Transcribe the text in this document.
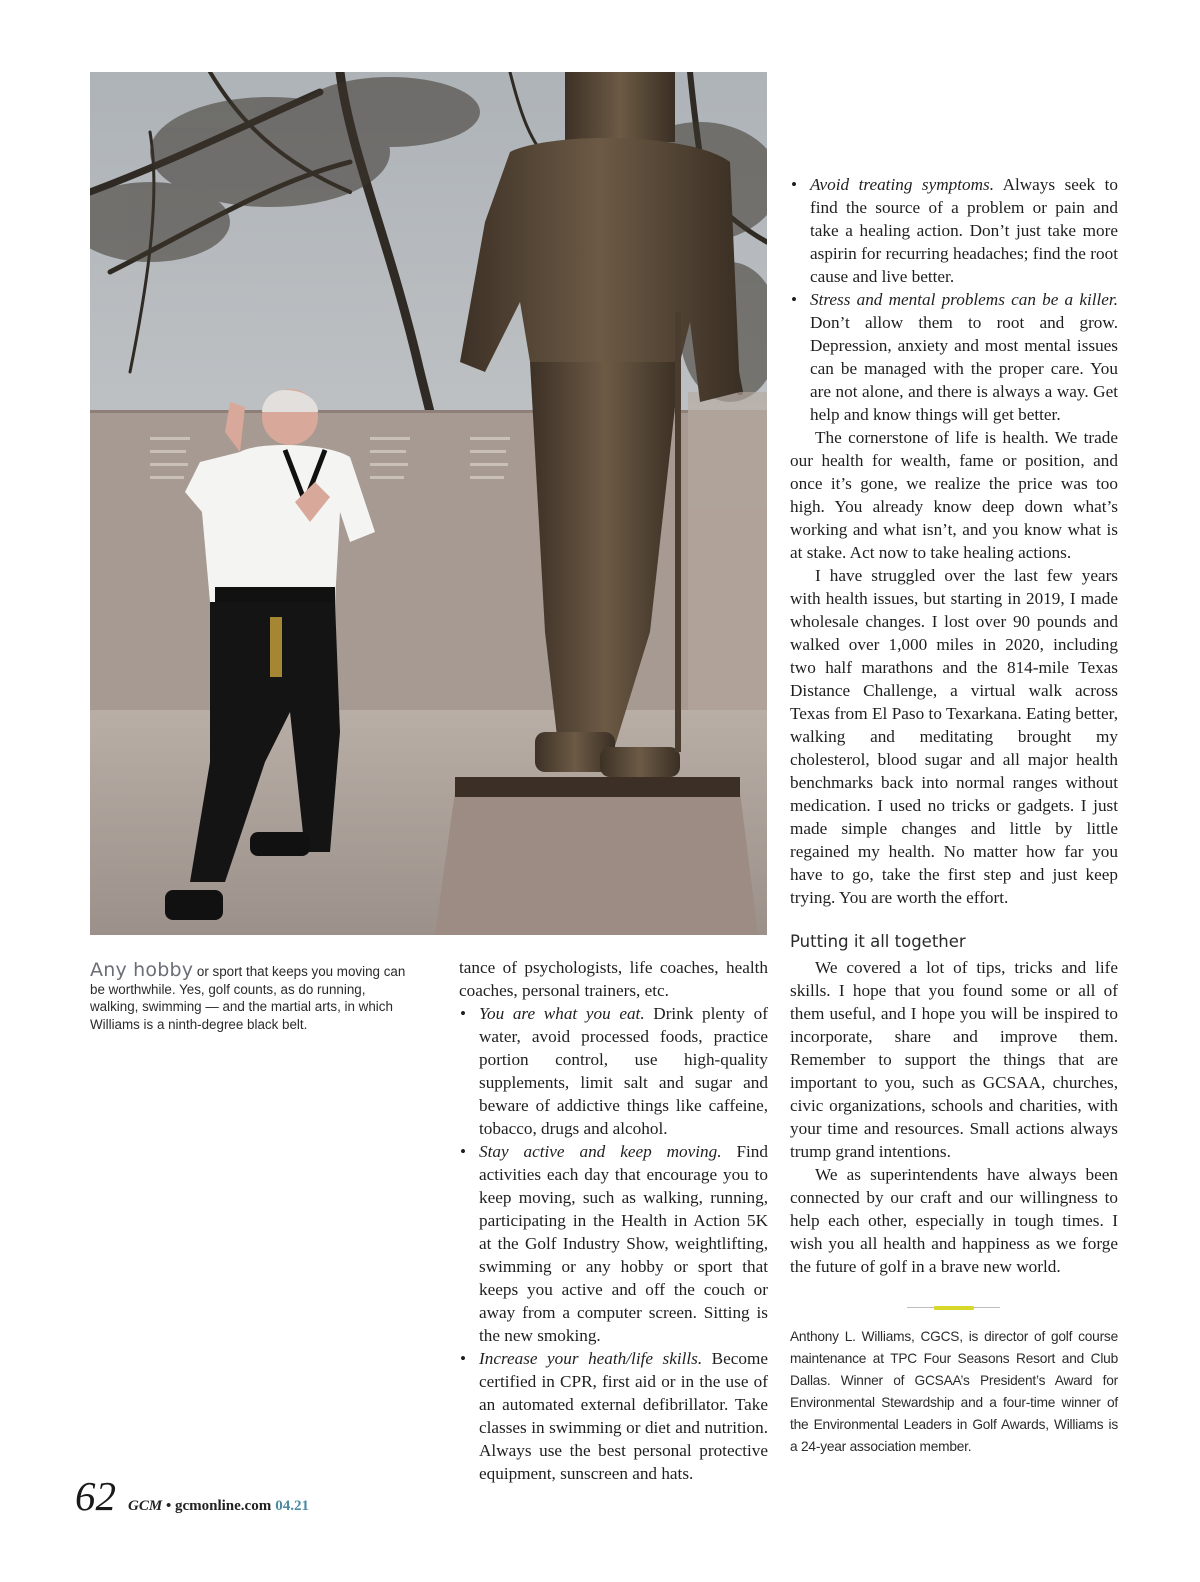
Any hobby or sport that keeps you moving can be worthwhile. Yes, golf counts, as do running, walking, swimming — and the martial arts, in which Williams is a ninth-degree black belt.

tance of psychologists, life coaches, health coaches, personal trainers, etc.

• You are what you eat. Drink plenty of water, avoid processed foods, practice portion control, use high-quality supplements, limit salt and sugar and beware of addictive things like caffeine, tobacco, drugs and alcohol.
• Stay active and keep moving. Find activities each day that encourage you to keep moving, such as walking, running, participating in the Health in Action 5K at the Golf Industry Show, weightlifting, swimming or any hobby or sport that keeps you active and off the couch or away from a computer screen. Sitting is the new smoking.
• Increase your heath/life skills. Become certified in CPR, first aid or in the use of an automated external defibrillator. Take classes in swimming or diet and nutrition. Always use the best personal protective equipment, sunscreen and hats.
• Avoid treating symptoms. Always seek to find the source of a problem or pain and take a healing action. Don’t just take more aspirin for recurring headaches; find the root cause and live better.
• Stress and mental problems can be a killer. Don’t allow them to root and grow. Depression, anxiety and most mental issues can be managed with the proper care. You are not alone, and there is always a way. Get help and know things will get better.

The cornerstone of life is health. We trade our health for wealth, fame or position, and once it’s gone, we realize the price was too high. You already know deep down what’s working and what isn’t, and you know what is at stake. Act now to take healing actions.

I have struggled over the last few years with health issues, but starting in 2019, I made wholesale changes. I lost over 90 pounds and walked over 1,000 miles in 2020, including two half marathons and the 814-mile Texas Distance Challenge, a virtual walk across Texas from El Paso to Texarkana. Eating better, walking and meditating brought my cholesterol, blood sugar and all major health benchmarks back into normal ranges without medication. I used no tricks or gadgets. I just made simple changes and little by little regained my health. No matter how far you have to go, take the first step and just keep trying. You are worth the effort.

Putting it all together

We covered a lot of tips, tricks and life skills. I hope that you found some or all of them useful, and I hope you will be inspired to incorporate, share and improve them. Remember to support the things that are important to you, such as GCSAA, churches, civic organizations, schools and charities, with your time and resources. Small actions always trump grand intentions.

We as superintendents have always been connected by our craft and our willingness to help each other, especially in tough times. I wish you all health and happiness as we forge the future of golf in a brave new world.

Anthony L. Williams, CGCS, is director of golf course maintenance at TPC Four Seasons Resort and Club Dallas. Winner of GCSAA’s President’s Award for Environmental Stewardship and a four-time winner of the Environmental Leaders in Golf Awards, Williams is a 24-year association member.
62 GCM • gcmonline.com 04.21
